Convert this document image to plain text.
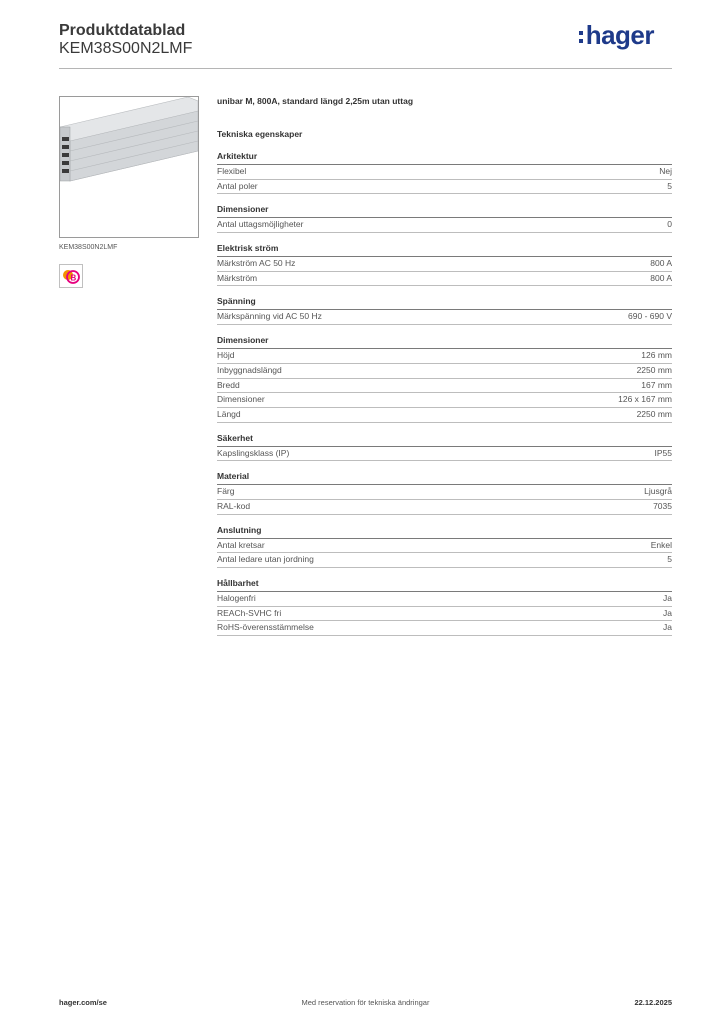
Produktdatablad
KEM38S00N2LMF	hager
KEM38S00N2LMF
B
unibar M, 800A, standard längd 2,25m utan uttag
Tekniska egenskaper
Arkitektur
Flexibel	Nej
Antal poler	5
Dimensioner
Antal uttagsmöjligheter	0
Elektrisk ström
Märkström AC 50 Hz	800 A
Märkström	800 A
Spänning
Märkspänning vid AC 50 Hz	690 - 690 V
Dimensioner
Höjd	126 mm
Inbyggnadslängd	2250 mm
Bredd	167 mm
Dimensioner	126 x 167 mm
Längd	2250 mm
Säkerhet
Kapslingsklass (IP)	IP55
Material
Färg	Ljusgrå
RAL-kod	7035
Anslutning
Antal kretsar	Enkel
Antal ledare utan jordning	5
Hållbarhet
Halogenfri	Ja
REACh-SVHC fri	Ja
RoHS-överensstämmelse	Ja
hager.com/se	Med reservation för tekniska ändringar	22.12.2025
